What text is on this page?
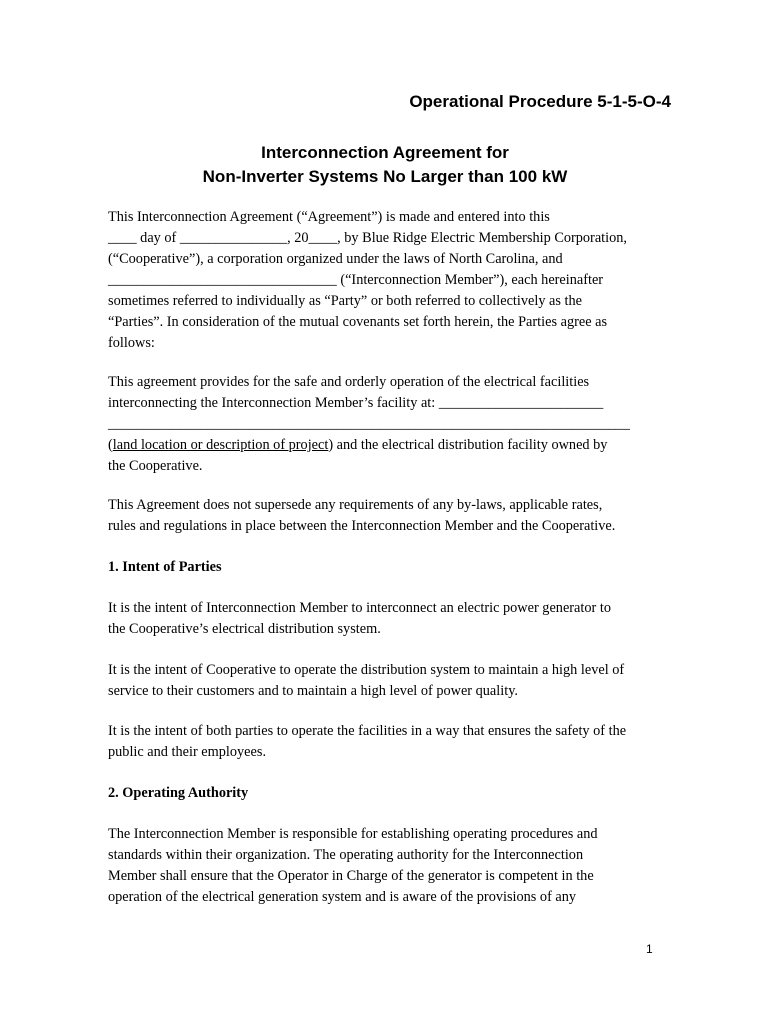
Operational Procedure 5-1-5-O-4
Interconnection Agreement for
Non-Inverter Systems No Larger than 100 kW
This Interconnection Agreement (“Agreement”) is made and entered into this
____ day of _______________, 20____, by Blue Ridge Electric Membership Corporation,
(“Cooperative”), a corporation organized under the laws of North Carolina, and
________________________________ (“Interconnection Member”), each hereinafter
sometimes referred to individually as “Party” or both referred to collectively as the
“Parties”. In consideration of the mutual covenants set forth herein, the Parties agree as
follows:
This agreement provides for the safe and orderly operation of the electrical facilities
interconnecting the Interconnection Member’s facility at: _______________________
_________________________________________________________________________
(land location or description of project) and the electrical distribution facility owned by
the Cooperative.
This Agreement does not supersede any requirements of any by-laws, applicable rates,
rules and regulations in place between the Interconnection Member and the Cooperative.
1. Intent of Parties
It is the intent of Interconnection Member to interconnect an electric power generator to
the Cooperative’s electrical distribution system.
It is the intent of Cooperative to operate the distribution system to maintain a high level of
service to their customers and to maintain a high level of power quality.
It is the intent of both parties to operate the facilities in a way that ensures the safety of the
public and their employees.
2. Operating Authority
The Interconnection Member is responsible for establishing operating procedures and
standards within their organization. The operating authority for the Interconnection
Member shall ensure that the Operator in Charge of the generator is competent in the
operation of the electrical generation system and is aware of the provisions of any
1
